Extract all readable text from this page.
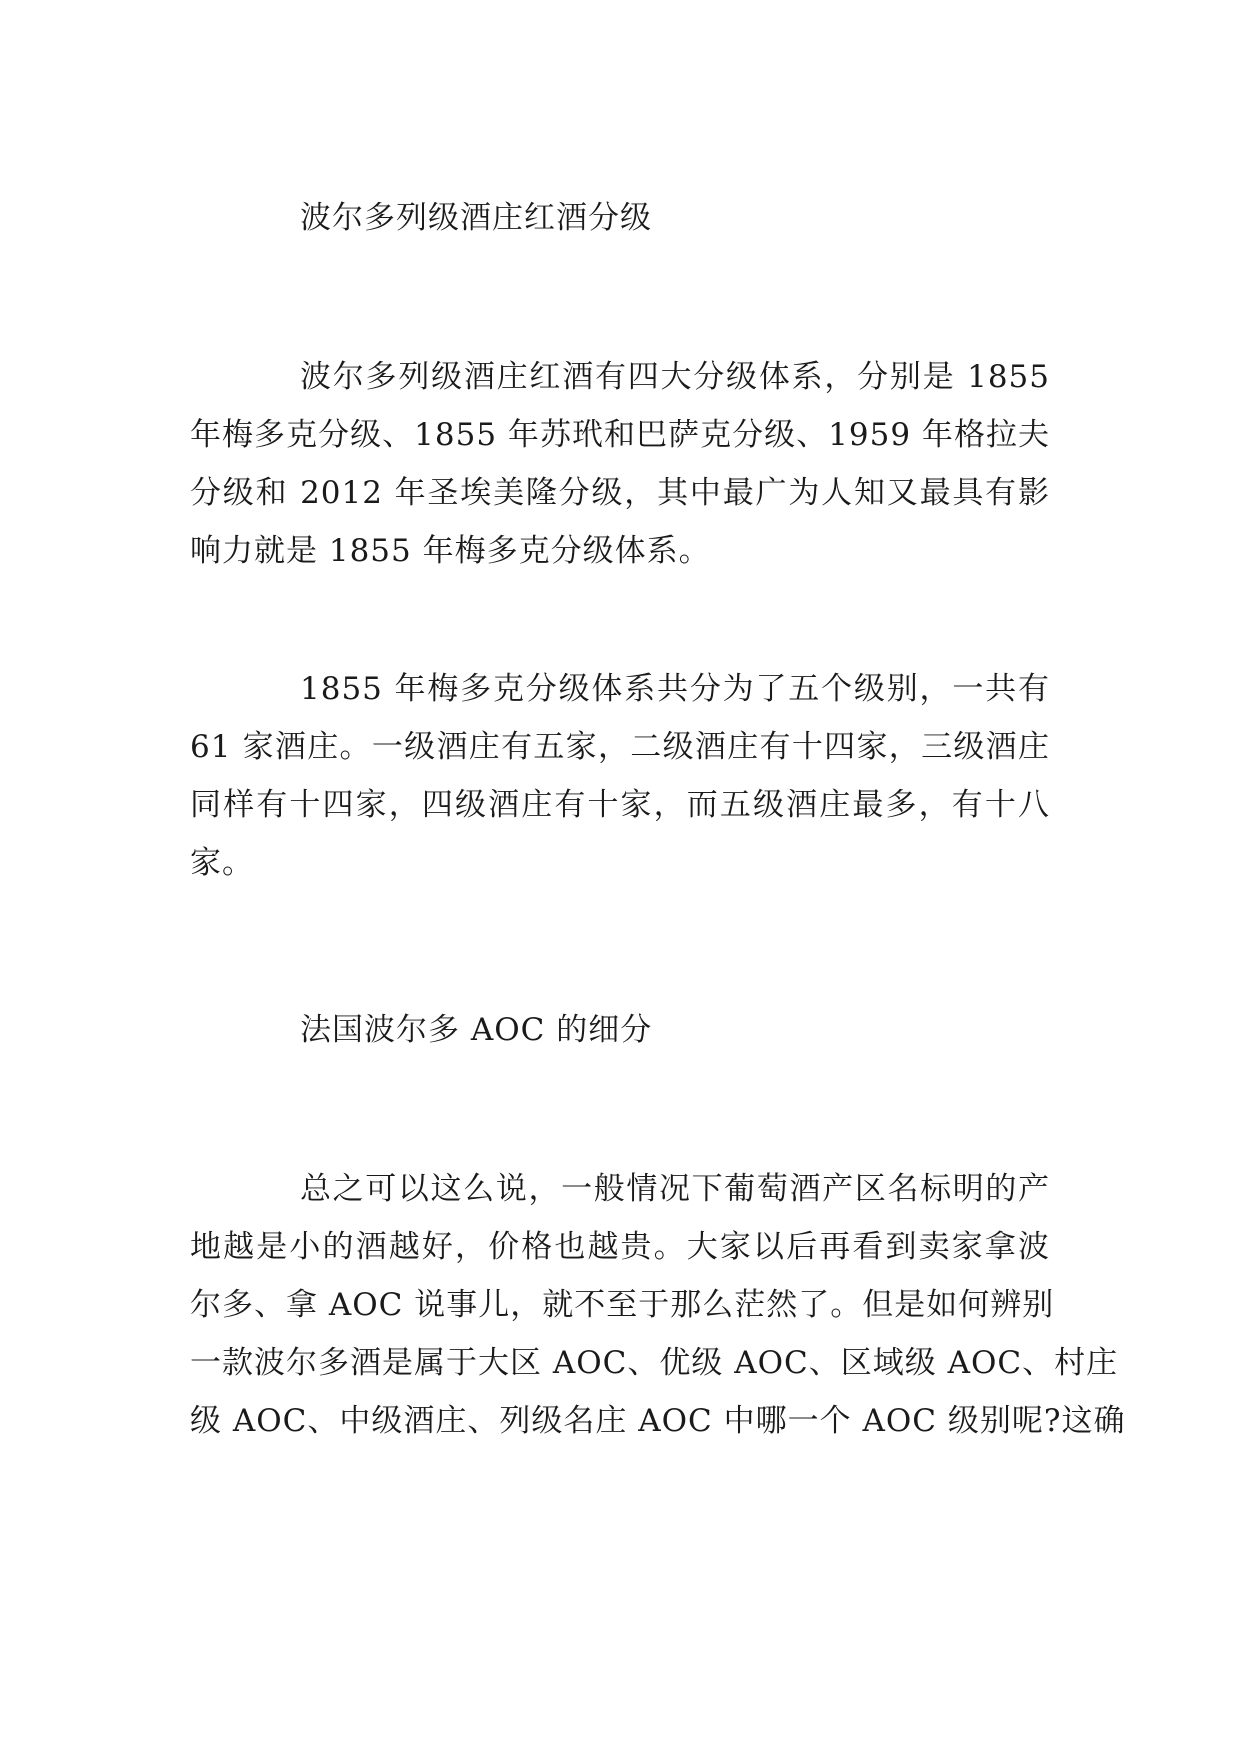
波尔多列级酒庄红酒分级
波尔多列级酒庄红酒有四大分级体系，分别是 1855
年梅多克分级、1855 年苏玳和巴萨克分级、1959 年格拉夫
分级和 2012 年圣埃美隆分级，其中最广为人知又最具有影
响力就是 1855 年梅多克分级体系。
1855 年梅多克分级体系共分为了五个级别，一共有
61 家酒庄。一级酒庄有五家，二级酒庄有十四家，三级酒庄
同样有十四家，四级酒庄有十家，而五级酒庄最多，有十八
家。
法国波尔多 AOC 的细分
总之可以这么说，一般情况下葡萄酒产区名标明的产
地越是小的酒越好，价格也越贵。大家以后再看到卖家拿波
尔多、拿 AOC 说事儿，就不至于那么茫然了。但是如何辨别
一款波尔多酒是属于大区 AOC、优级 AOC、区域级 AOC、村庄
级 AOC、中级酒庄、列级名庄 AOC 中哪一个 AOC 级别呢?这确
